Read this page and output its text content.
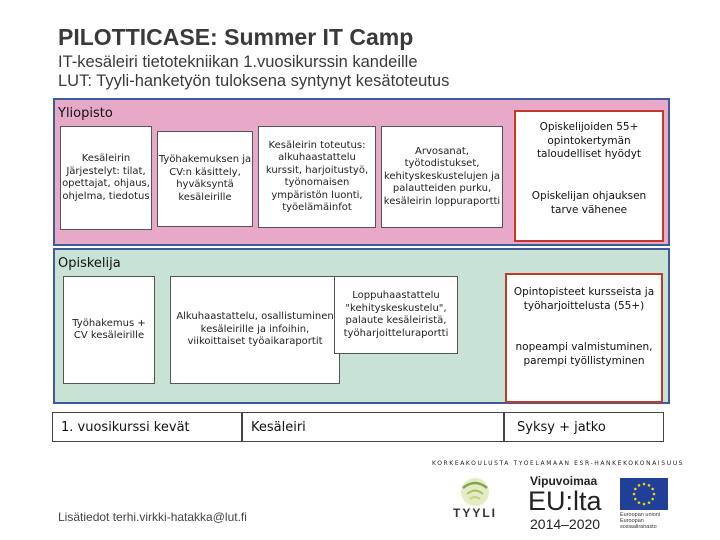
PILOTTICASE: Summer IT Camp
IT-kesäleiri tietotekniikan 1.vuosikurssin kandeille
LUT: Tyyli-hanketyön tuloksena syntynyt kesätoteutus
Yliopisto
Kesäleirin Järjestelyt: tilat, opettajat, ohjaus, ohjelma, tiedotus
Työhakemuksen ja CV:n käsittely, hyväksyntä kesäleirille
Kesäleirin toteutus: alkuhaastattelu kurssit, harjoitustyö, työnomaisen ympäristön luonti, työelämäinfot
Arvosanat, työtodistukset, kehityskeskustelujen ja palautteiden purku, kesäleirin loppuraportti
Opiskelijoiden 55+ opintokertymän taloudelliset hyödyt
Opiskelijan ohjauksen tarve vähenee
Opiskelija
Työhakemus + CV kesäleirille
Alkuhaastattelu, osallistuminen kesäleirille ja infoihin, viikoittaiset työaikaraportit
Loppuhaastattelu "kehityskeskustelu", palaute kesäleiristä, työharjoitteluraportti
Opintopisteet kursseista ja työharjoittelusta (55+)
nopeampi valmistuminen, parempi työllistyminen
1. vuosikurssi kevät	Kesäleiri	Syksy + jatko
KORKEAKOULUSTA TYOELAMAAN ESR-HANKEKOKONAISUUS
Lisätiedot terhi.virkki-hatakka@lut.fi	TYYLI
Vipuvoimaa
EU:lta
2014–2020
Euroopan unioni Euroopan sosiaalirahasto
